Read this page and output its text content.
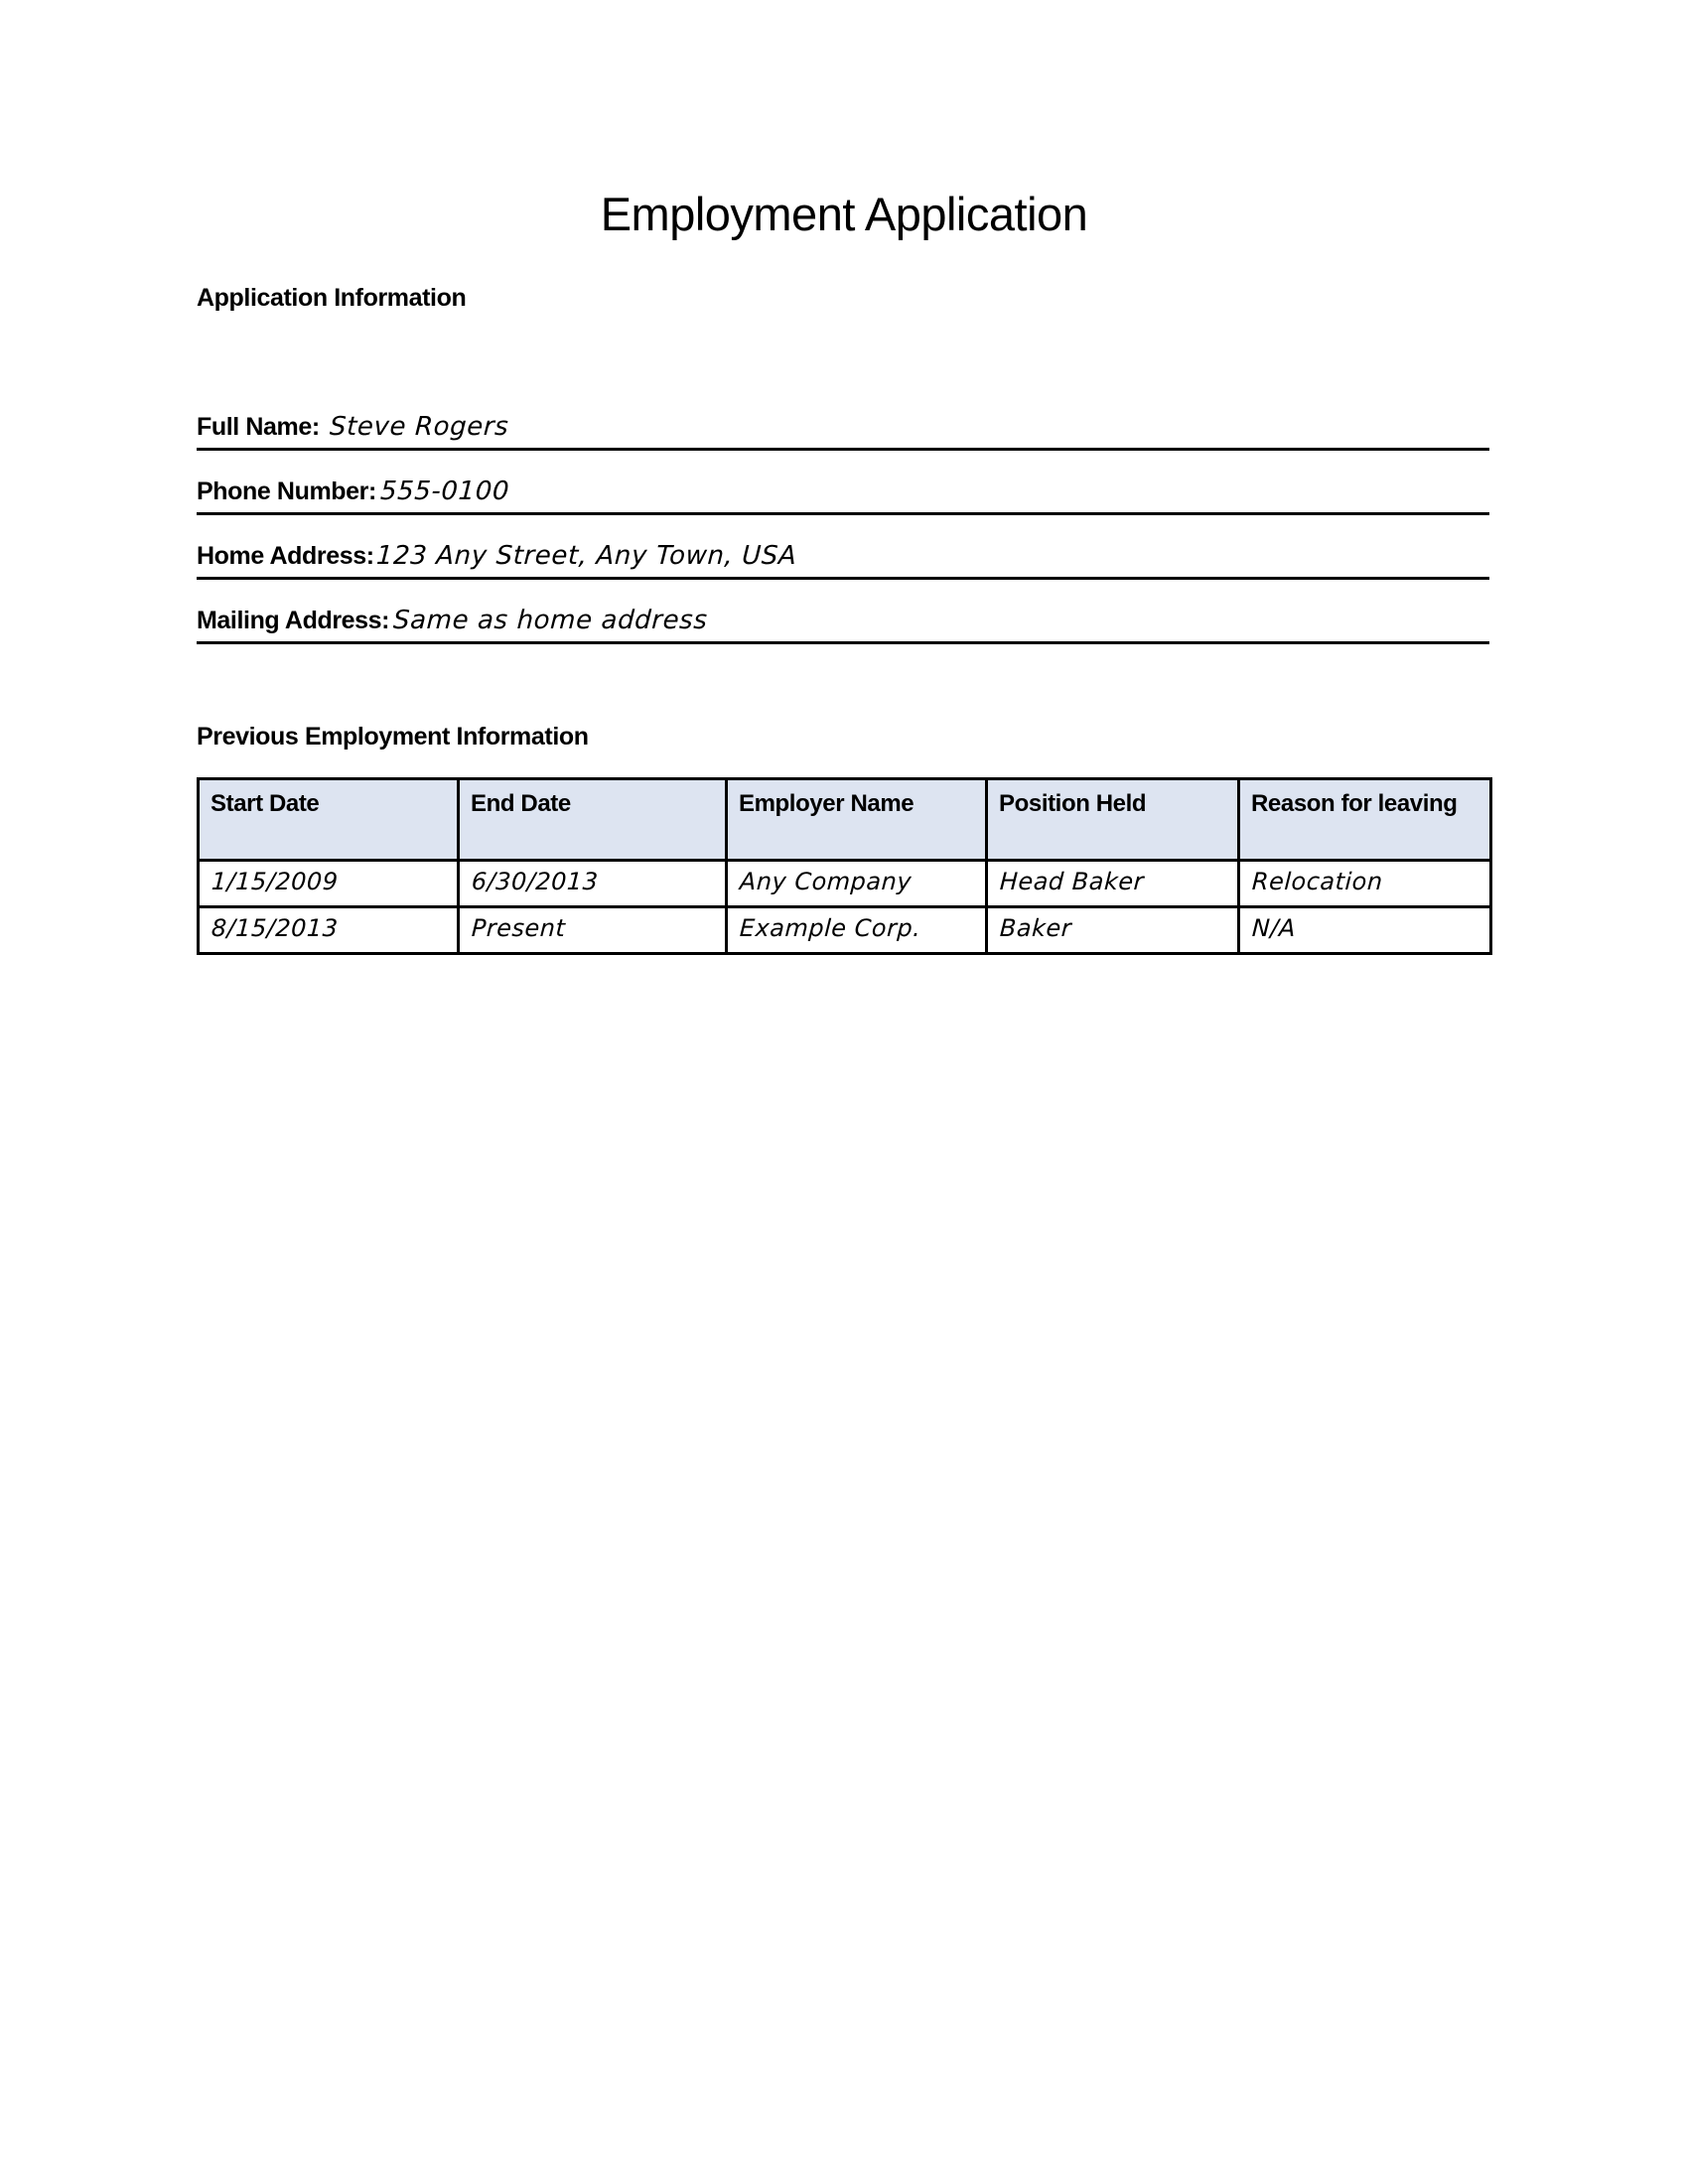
Employment Application
Application Information
Full Name: Steve Rogers
Phone Number: 555-0100
Home Address:123 Any Street, Any Town, USA
Mailing Address: Same as home address
Previous Employment Information
Start Date	End Date	Employer Name	Position Held	Reason for leaving
1/15/2009	6/30/2013	Any Company	Head Baker	Relocation
8/15/2013	Present	Example Corp.	Baker	N/A
